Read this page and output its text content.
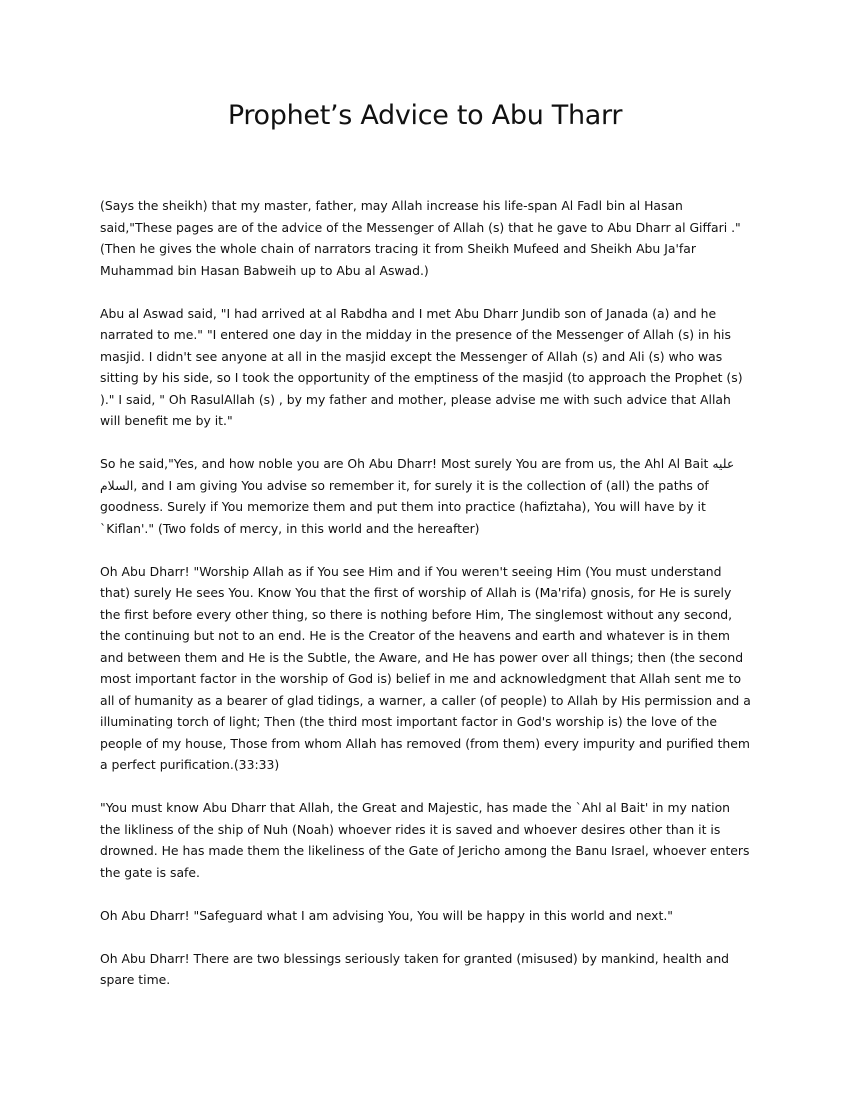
Prophet’s Advice to Abu Tharr

(Says the sheikh) that my master, father, may Allah increase his life-span Al Fadl bin al Hasan said,"These pages are of the advice of the Messenger of Allah (s) that he gave to Abu Dharr al Giffari ." (Then he gives the whole chain of narrators tracing it from Sheikh Mufeed and Sheikh Abu Ja'far Muhammad bin Hasan Babweih up to Abu al Aswad.)

Abu al Aswad said, "I had arrived at al Rabdha and I met Abu Dharr Jundib son of Janada (a) and he narrated to me." "I entered one day in the midday in the presence of the Messenger of Allah (s) in his masjid. I didn't see anyone at all in the masjid except the Messenger of Allah (s) and Ali (s) who was sitting by his side, so I took the opportunity of the emptiness of the masjid (to approach the Prophet (s) )." I said, " Oh RasulAllah (s) , by my father and mother, please advise me with such advice that Allah will benefit me by it."

So he said,"Yes, and how noble you are Oh Abu Dharr! Most surely You are from us, the Ahl Al Bait عليه السلام, and I am giving You advise so remember it, for surely it is the collection of (all) the paths of goodness. Surely if You memorize them and put them into practice (hafiztaha), You will have by it `Kiflan'." (Two folds of mercy, in this world and the hereafter)

Oh Abu Dharr! "Worship Allah as if You see Him and if You weren't seeing Him (You must understand that) surely He sees You. Know You that the first of worship of Allah is (Ma'rifa) gnosis, for He is surely the first before every other thing, so there is nothing before Him, The singlemost without any second, the continuing but not to an end. He is the Creator of the heavens and earth and whatever is in them and between them and He is the Subtle, the Aware, and He has power over all things; then (the second most important factor in the worship of God is) belief in me and acknowledgment that Allah sent me to all of humanity as a bearer of glad tidings, a warner, a caller (of people) to Allah by His permission and a illuminating torch of light; Then (the third most important factor in God's worship is) the love of the people of my house, Those from whom Allah has removed (from them) every impurity and purified them a perfect purification.(33:33)

"You must know Abu Dharr that Allah, the Great and Majestic, has made the `Ahl al Bait' in my nation the likliness of the ship of Nuh (Noah) whoever rides it is saved and whoever desires other than it is drowned. He has made them the likeliness of the Gate of Jericho among the Banu Israel, whoever enters the gate is safe.

Oh Abu Dharr! "Safeguard what I am advising You, You will be happy in this world and next."

Oh Abu Dharr! There are two blessings seriously taken for granted (misused) by mankind, health and spare time.
